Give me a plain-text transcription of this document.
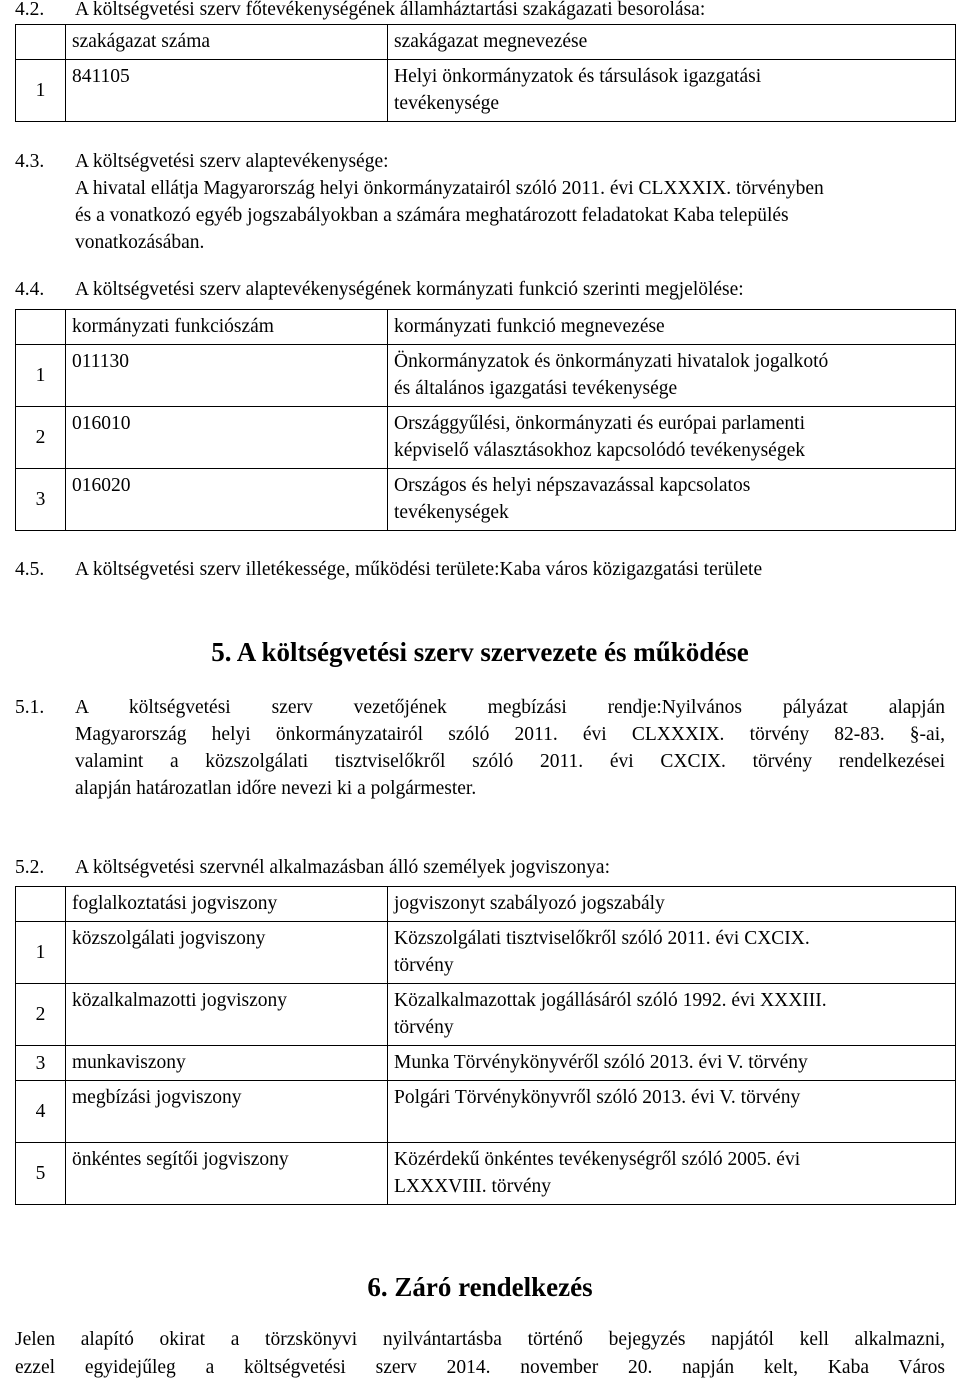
4.2. A költségvetési szerv főtevékenységének államháztartási szakágazati besorolása:
	szakágazat száma	szakágazat megnevezése
1	841105	Helyi önkormányzatok és társulások igazgatási
tevékenysége
4.3. A költségvetési szerv alaptevékenysége:
A hivatal ellátja Magyarország helyi önkormányzatairól szóló 2011. évi CLXXXIX. törvényben
és a vonatkozó egyéb jogszabályokban a számára meghatározott feladatokat Kaba település
vonatkozásában.
4.4. A költségvetési szerv alaptevékenységének kormányzati funkció szerinti megjelölése:
	kormányzati funkciószám	kormányzati funkció megnevezése
1	011130	Önkormányzatok és önkormányzati hivatalok jogalkotó
és általános igazgatási tevékenysége

2	016010	Országgyűlési, önkormányzati és európai parlamenti
képviselő választásokhoz kapcsolódó tevékenységek

3	016020	Országos és helyi népszavazással kapcsolatos
tevékenységek
4.5. A költségvetési szerv illetékessége, működési területe:Kaba város közigazgatási területe
5. A költségvetési szerv szervezete és működése
5.1. A költségvetési szerv vezetőjének megbízási rendje:Nyilvános pályázat alapján
Magyarország helyi önkormányzatairól szóló 2011. évi CLXXXIX. törvény 82-83. §-ai,
valamint a közszolgálati tisztviselőkről szóló 2011. évi CXCIX. törvény rendelkezései
alapján határozatlan időre nevezi ki a polgármester.
5.2. A költségvetési szervnél alkalmazásban álló személyek jogviszonya:
	foglalkoztatási jogviszony	jogviszonyt szabályozó jogszabály
1	közszolgálati jogviszony	Közszolgálati tisztviselőkről szóló 2011. évi CXCIX.
törvény

2	közalkalmazotti jogviszony	Közalkalmazottak jogállásáról szóló 1992. évi XXXIII.
törvény

3	munkaviszony	Munka Törvénykönyvéről szóló 2013. évi V. törvény

4	megbízási jogviszony	Polgári Törvénykönyvről szóló 2013. évi V. törvény

5	önkéntes segítői jogviszony	Közérdekű önkéntes tevékenységről szóló 2005. évi
LXXXVIII. törvény
6. Záró rendelkezés
Jelen alapító okirat a törzskönyvi nyilvántartásba történő bejegyzés napjától kell alkalmazni,
ezzel egyidejűleg a költségvetési szerv 2014. november 20. napján kelt, Kaba Város
